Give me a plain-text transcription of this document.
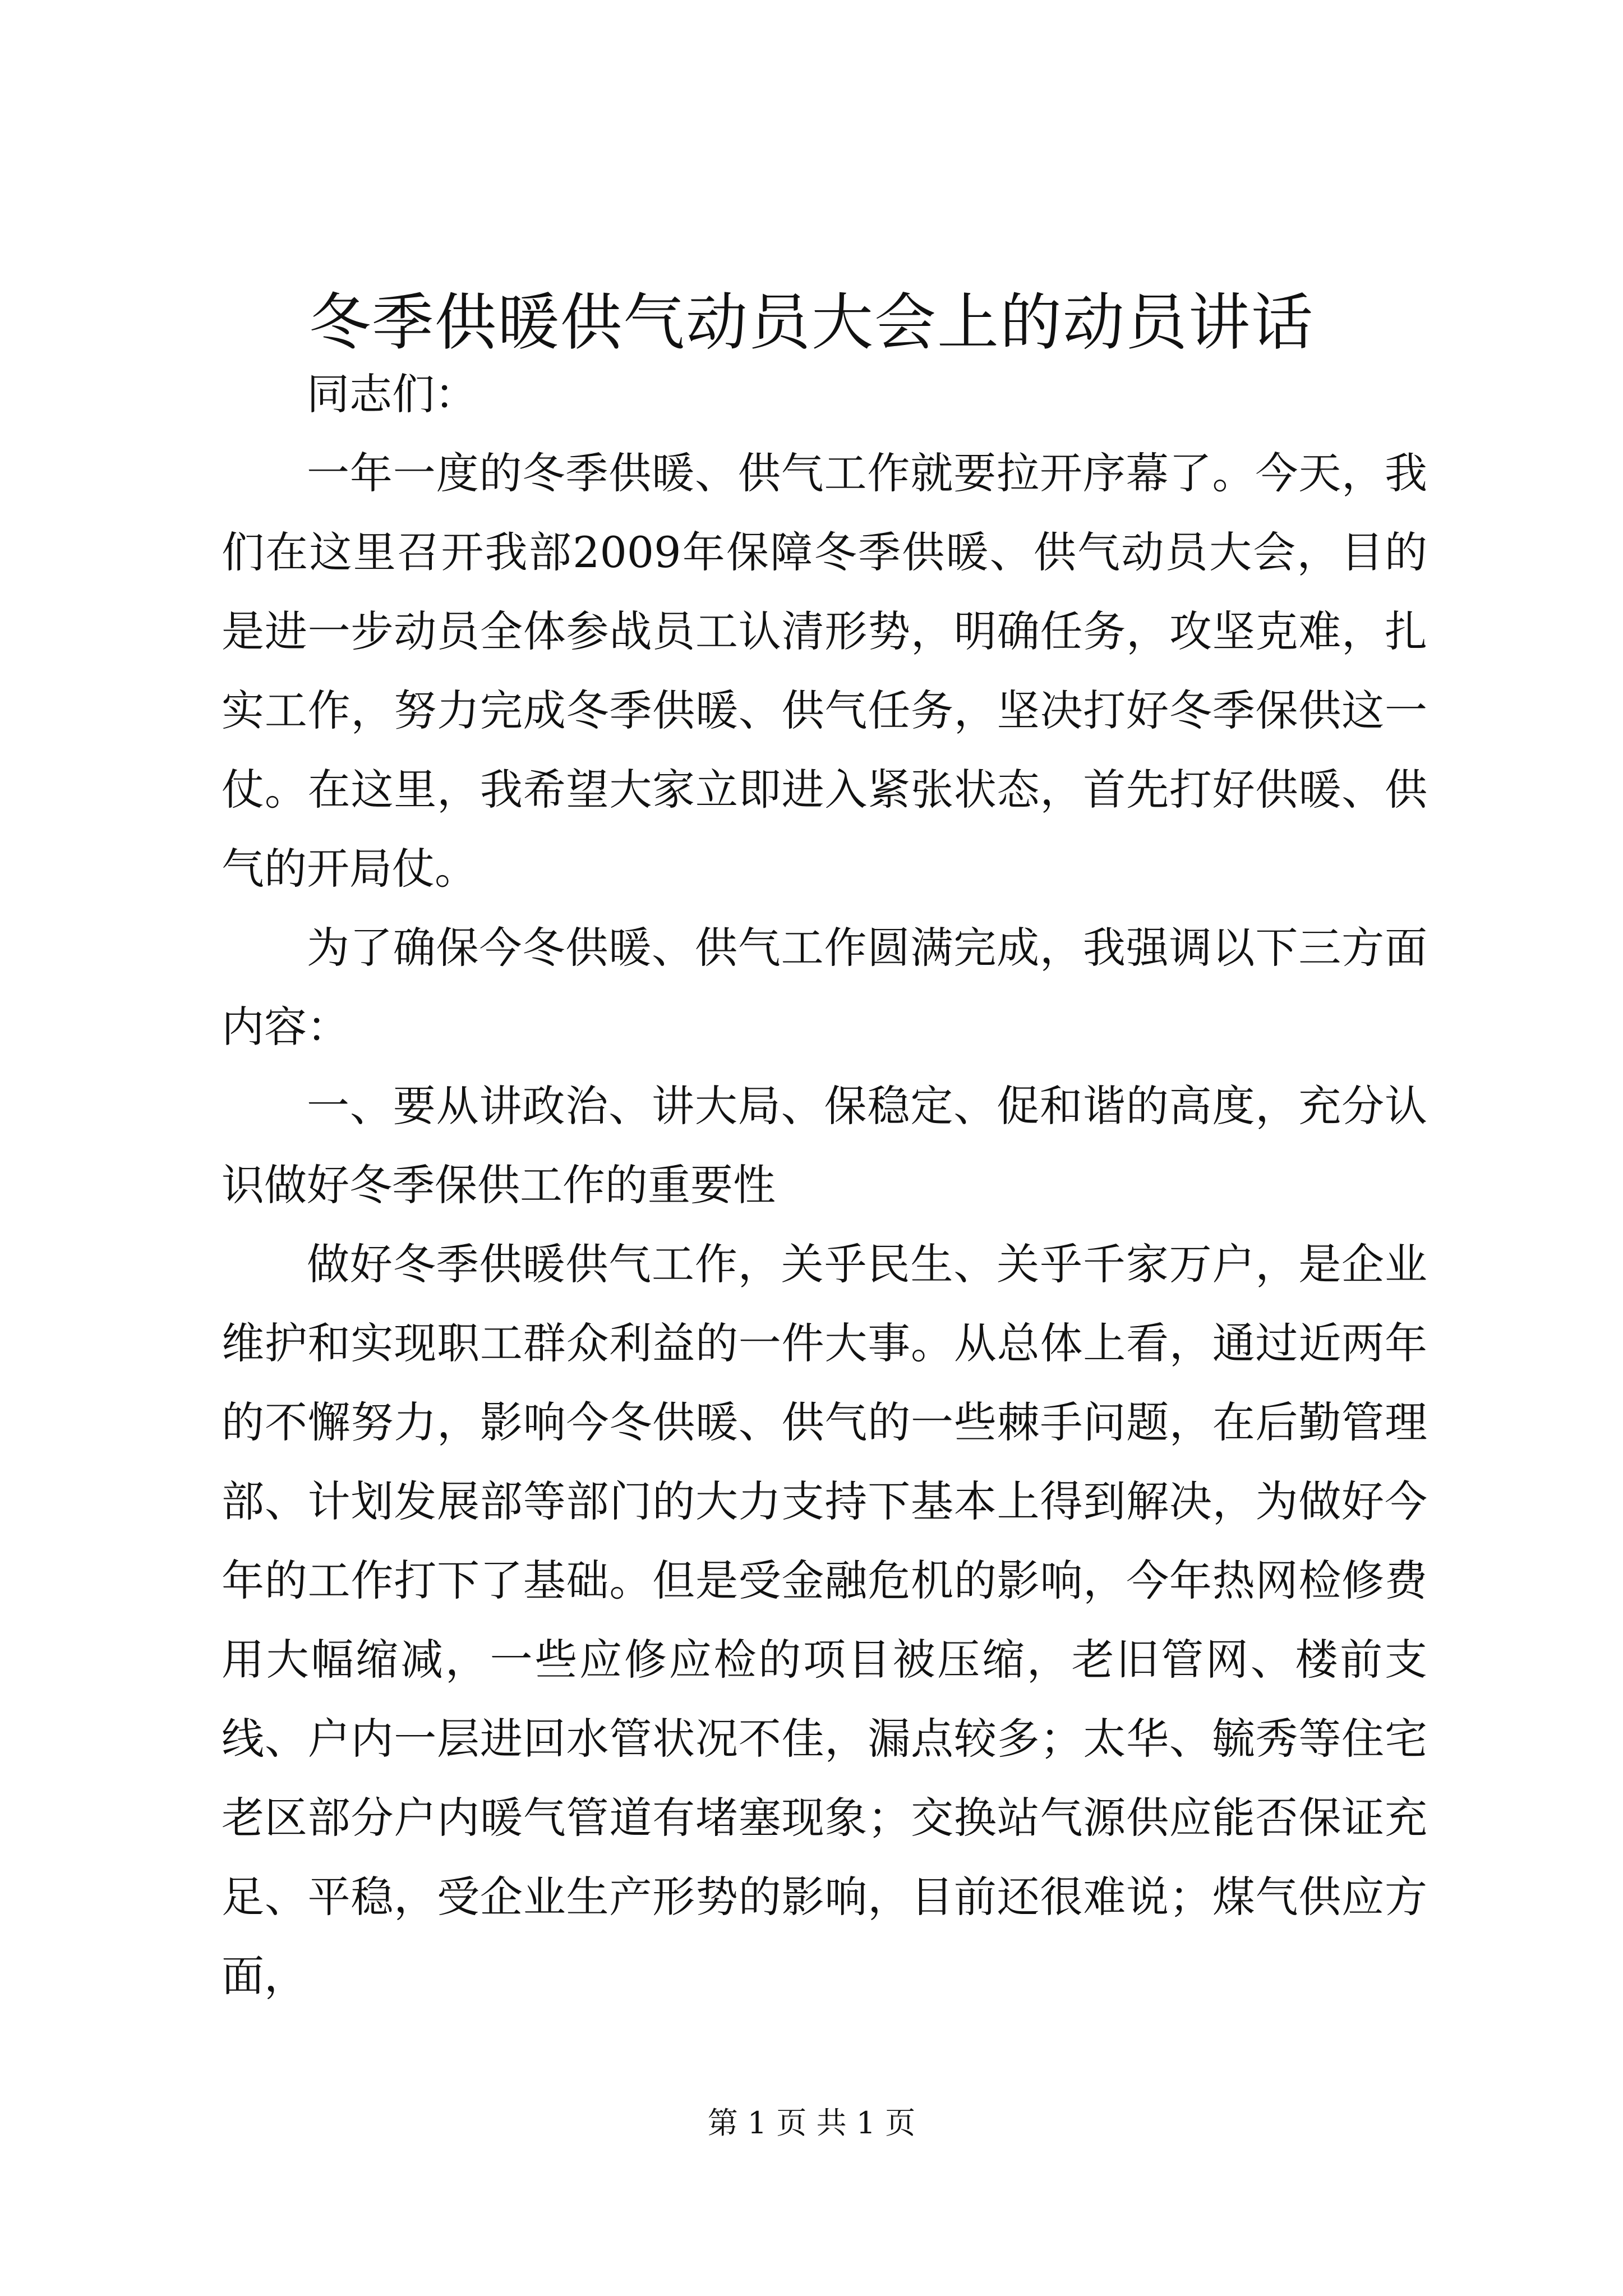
冬季供暖供气动员大会上的动员讲话

同志们：

一年一度的冬季供暖、供气工作就要拉开序幕了。今天，我们在这里召开我部2009年保障冬季供暖、供气动员大会，目的是进一步动员全体参战员工认清形势，明确任务，攻坚克难，扎实工作，努力完成冬季供暖、供气任务，坚决打好冬季保供这一仗。在这里，我希望大家立即进入紧张状态，首先打好供暖、供气的开局仗。

为了确保今冬供暖、供气工作圆满完成，我强调以下三方面内容：

一、要从讲政治、讲大局、保稳定、促和谐的高度，充分认识做好冬季保供工作的重要性

做好冬季供暖供气工作，关乎民生、关乎千家万户，是企业维护和实现职工群众利益的一件大事。从总体上看，通过近两年的不懈努力，影响今冬供暖、供气的一些棘手问题，在后勤管理部、计划发展部等部门的大力支持下基本上得到解决，为做好今年的工作打下了基础。但是受金融危机的影响，今年热网检修费用大幅缩减，一些应修应检的项目被压缩，老旧管网、楼前支线、户内一层进回水管状况不佳，漏点较多；太华、毓秀等住宅老区部分户内暖气管道有堵塞现象；交换站气源供应能否保证充足、平稳，受企业生产形势的影响，目前还很难说；煤气供应方面，

第 1 页 共 1 页
